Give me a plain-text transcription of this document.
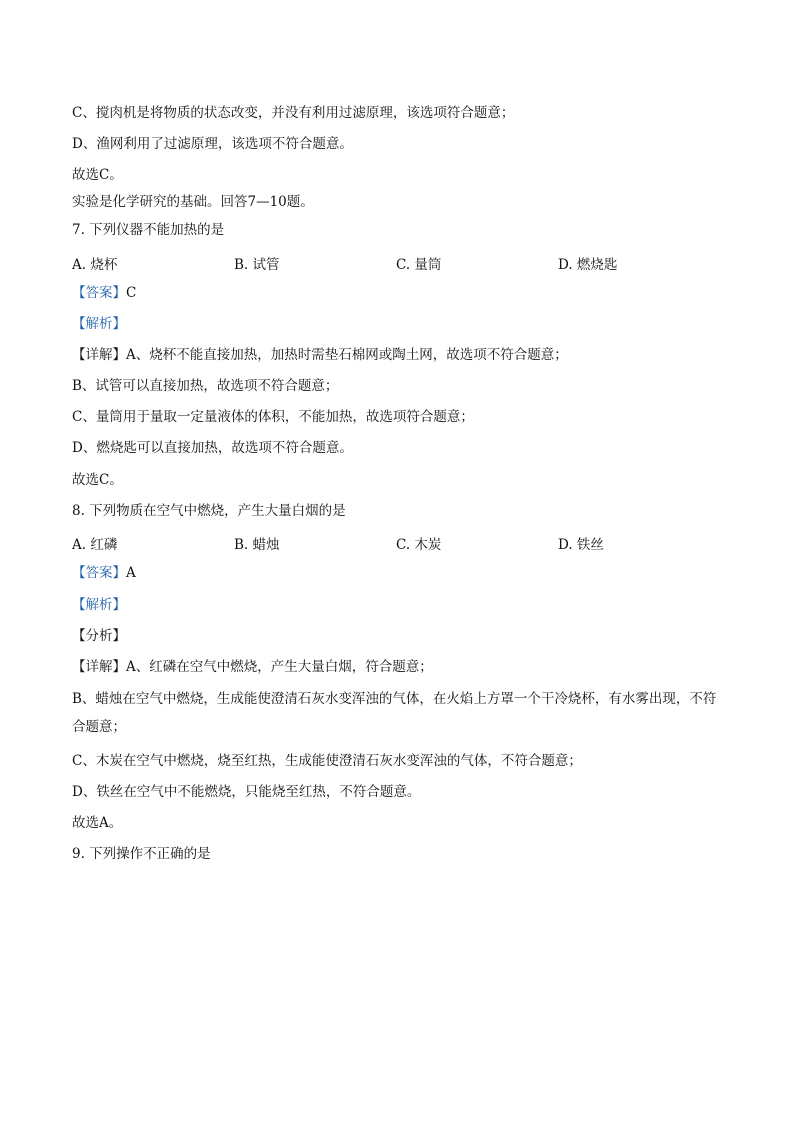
C、搅肉机是将物质的状态改变，并没有利用过滤原理，该选项符合题意；
D、渔网利用了过滤原理，该选项不符合题意。
故选C。
实验是化学研究的基础。回答7—10题。
7. 下列仪器不能加热的是
A. 烧杯	B. 试管	C. 量筒	D. 燃烧匙
【答案】C
【解析】
【详解】A、烧杯不能直接加热，加热时需垫石棉网或陶土网，故选项不符合题意；
B、试管可以直接加热，故选项不符合题意；
C、量筒用于量取一定量液体的体积，不能加热，故选项符合题意；
D、燃烧匙可以直接加热，故选项不符合题意。
故选C。
8. 下列物质在空气中燃烧，产生大量白烟的是
A. 红磷	B. 蜡烛	C. 木炭	D. 铁丝
【答案】A
【解析】
【分析】
【详解】A、红磷在空气中燃烧，产生大量白烟，符合题意；
B、蜡烛在空气中燃烧，生成能使澄清石灰水变浑浊的气体，在火焰上方罩一个干冷烧杯，有水雾出现，不符合题意；
C、木炭在空气中燃烧，烧至红热，生成能使澄清石灰水变浑浊的气体，不符合题意；
D、铁丝在空气中不能燃烧，只能烧至红热，不符合题意。
故选A。
9. 下列操作不正确的是
